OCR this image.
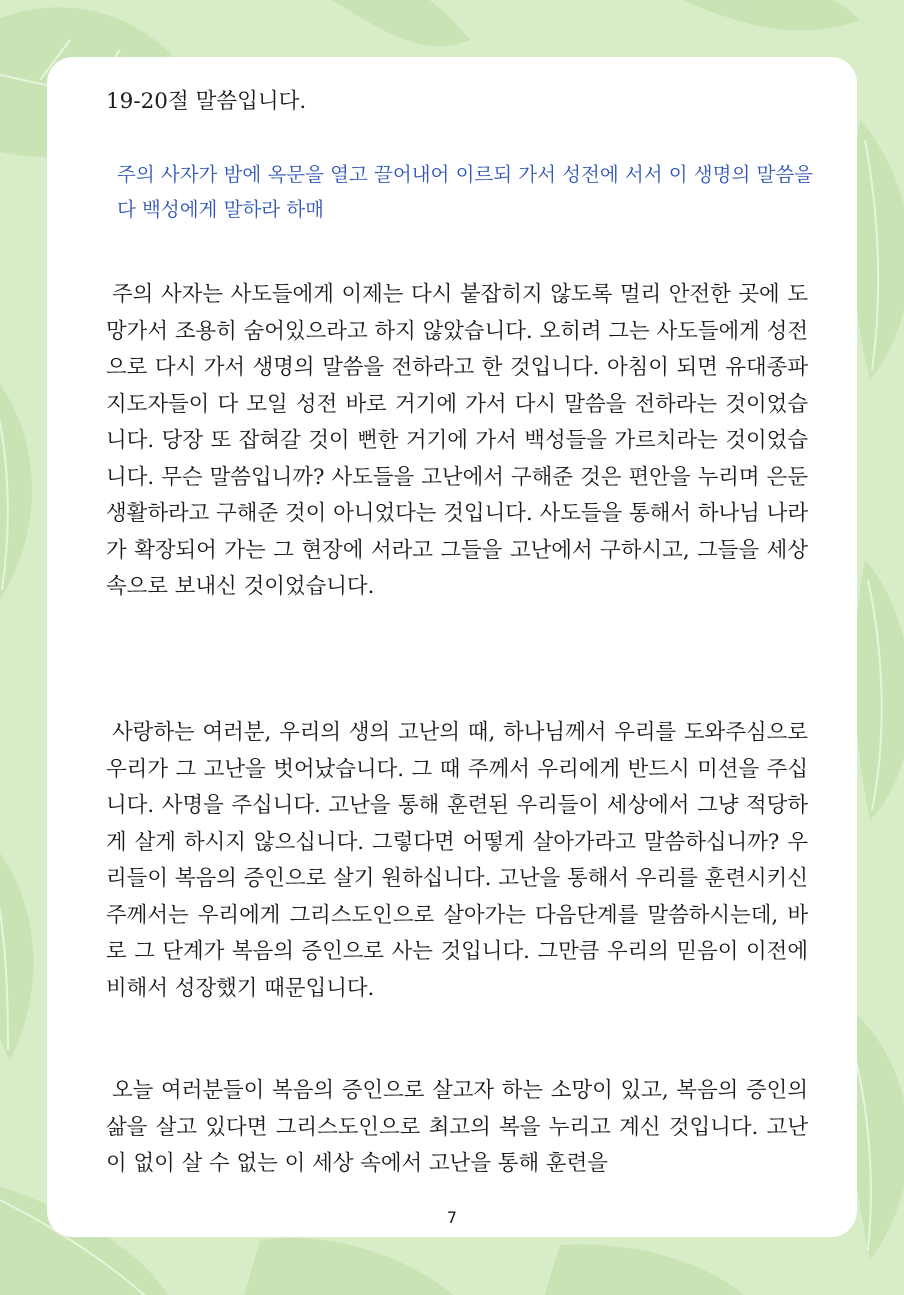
19-20절 말씀입니다.

주의 사자가 밤에 옥문을 열고 끌어내어 이르되 가서 성전에 서서 이 생명의 말씀을 다 백성에게 말하라 하매

주의 사자는 사도들에게 이제는 다시 붙잡히지 않도록 멀리 안전한 곳에 도망가서 조용히 숨어있으라고 하지 않았습니다. 오히려 그는 사도들에게 성전으로 다시 가서 생명의 말씀을 전하라고 한 것입니다. 아침이 되면 유대종파지도자들이 다 모일 성전 바로 거기에 가서 다시 말씀을 전하라는 것이었습니다. 당장 또 잡혀갈 것이 뻔한 거기에 가서 백성들을 가르치라는 것이었습니다. 무슨 말씀입니까? 사도들을 고난에서 구해준 것은 편안을 누리며 은둔 생활하라고 구해준 것이 아니었다는 것입니다. 사도들을 통해서 하나님 나라가 확장되어 가는 그 현장에 서라고 그들을 고난에서 구하시고, 그들을 세상 속으로 보내신 것이었습니다.

사랑하는 여러분, 우리의 생의 고난의 때, 하나님께서 우리를 도와주심으로 우리가 그 고난을 벗어났습니다. 그 때 주께서 우리에게 반드시 미션을 주십니다. 사명을 주십니다. 고난을 통해 훈련된 우리들이 세상에서 그냥 적당하게 살게 하시지 않으십니다. 그렇다면 어떻게 살아가라고 말씀하십니까? 우리들이 복음의 증인으로 살기 원하십니다. 고난을 통해서 우리를 훈련시키신 주께서는 우리에게 그리스도인으로 살아가는 다음단계를 말씀하시는데, 바로 그 단계가 복음의 증인으로 사는 것입니다. 그만큼 우리의 믿음이 이전에 비해서 성장했기 때문입니다.

오늘 여러분들이 복음의 증인으로 살고자 하는 소망이 있고, 복음의 증인의 삶을 살고 있다면 그리스도인으로 최고의 복을 누리고 계신 것입니다. 고난이 없이 살 수 없는 이 세상 속에서 고난을 통해 훈련을

7
